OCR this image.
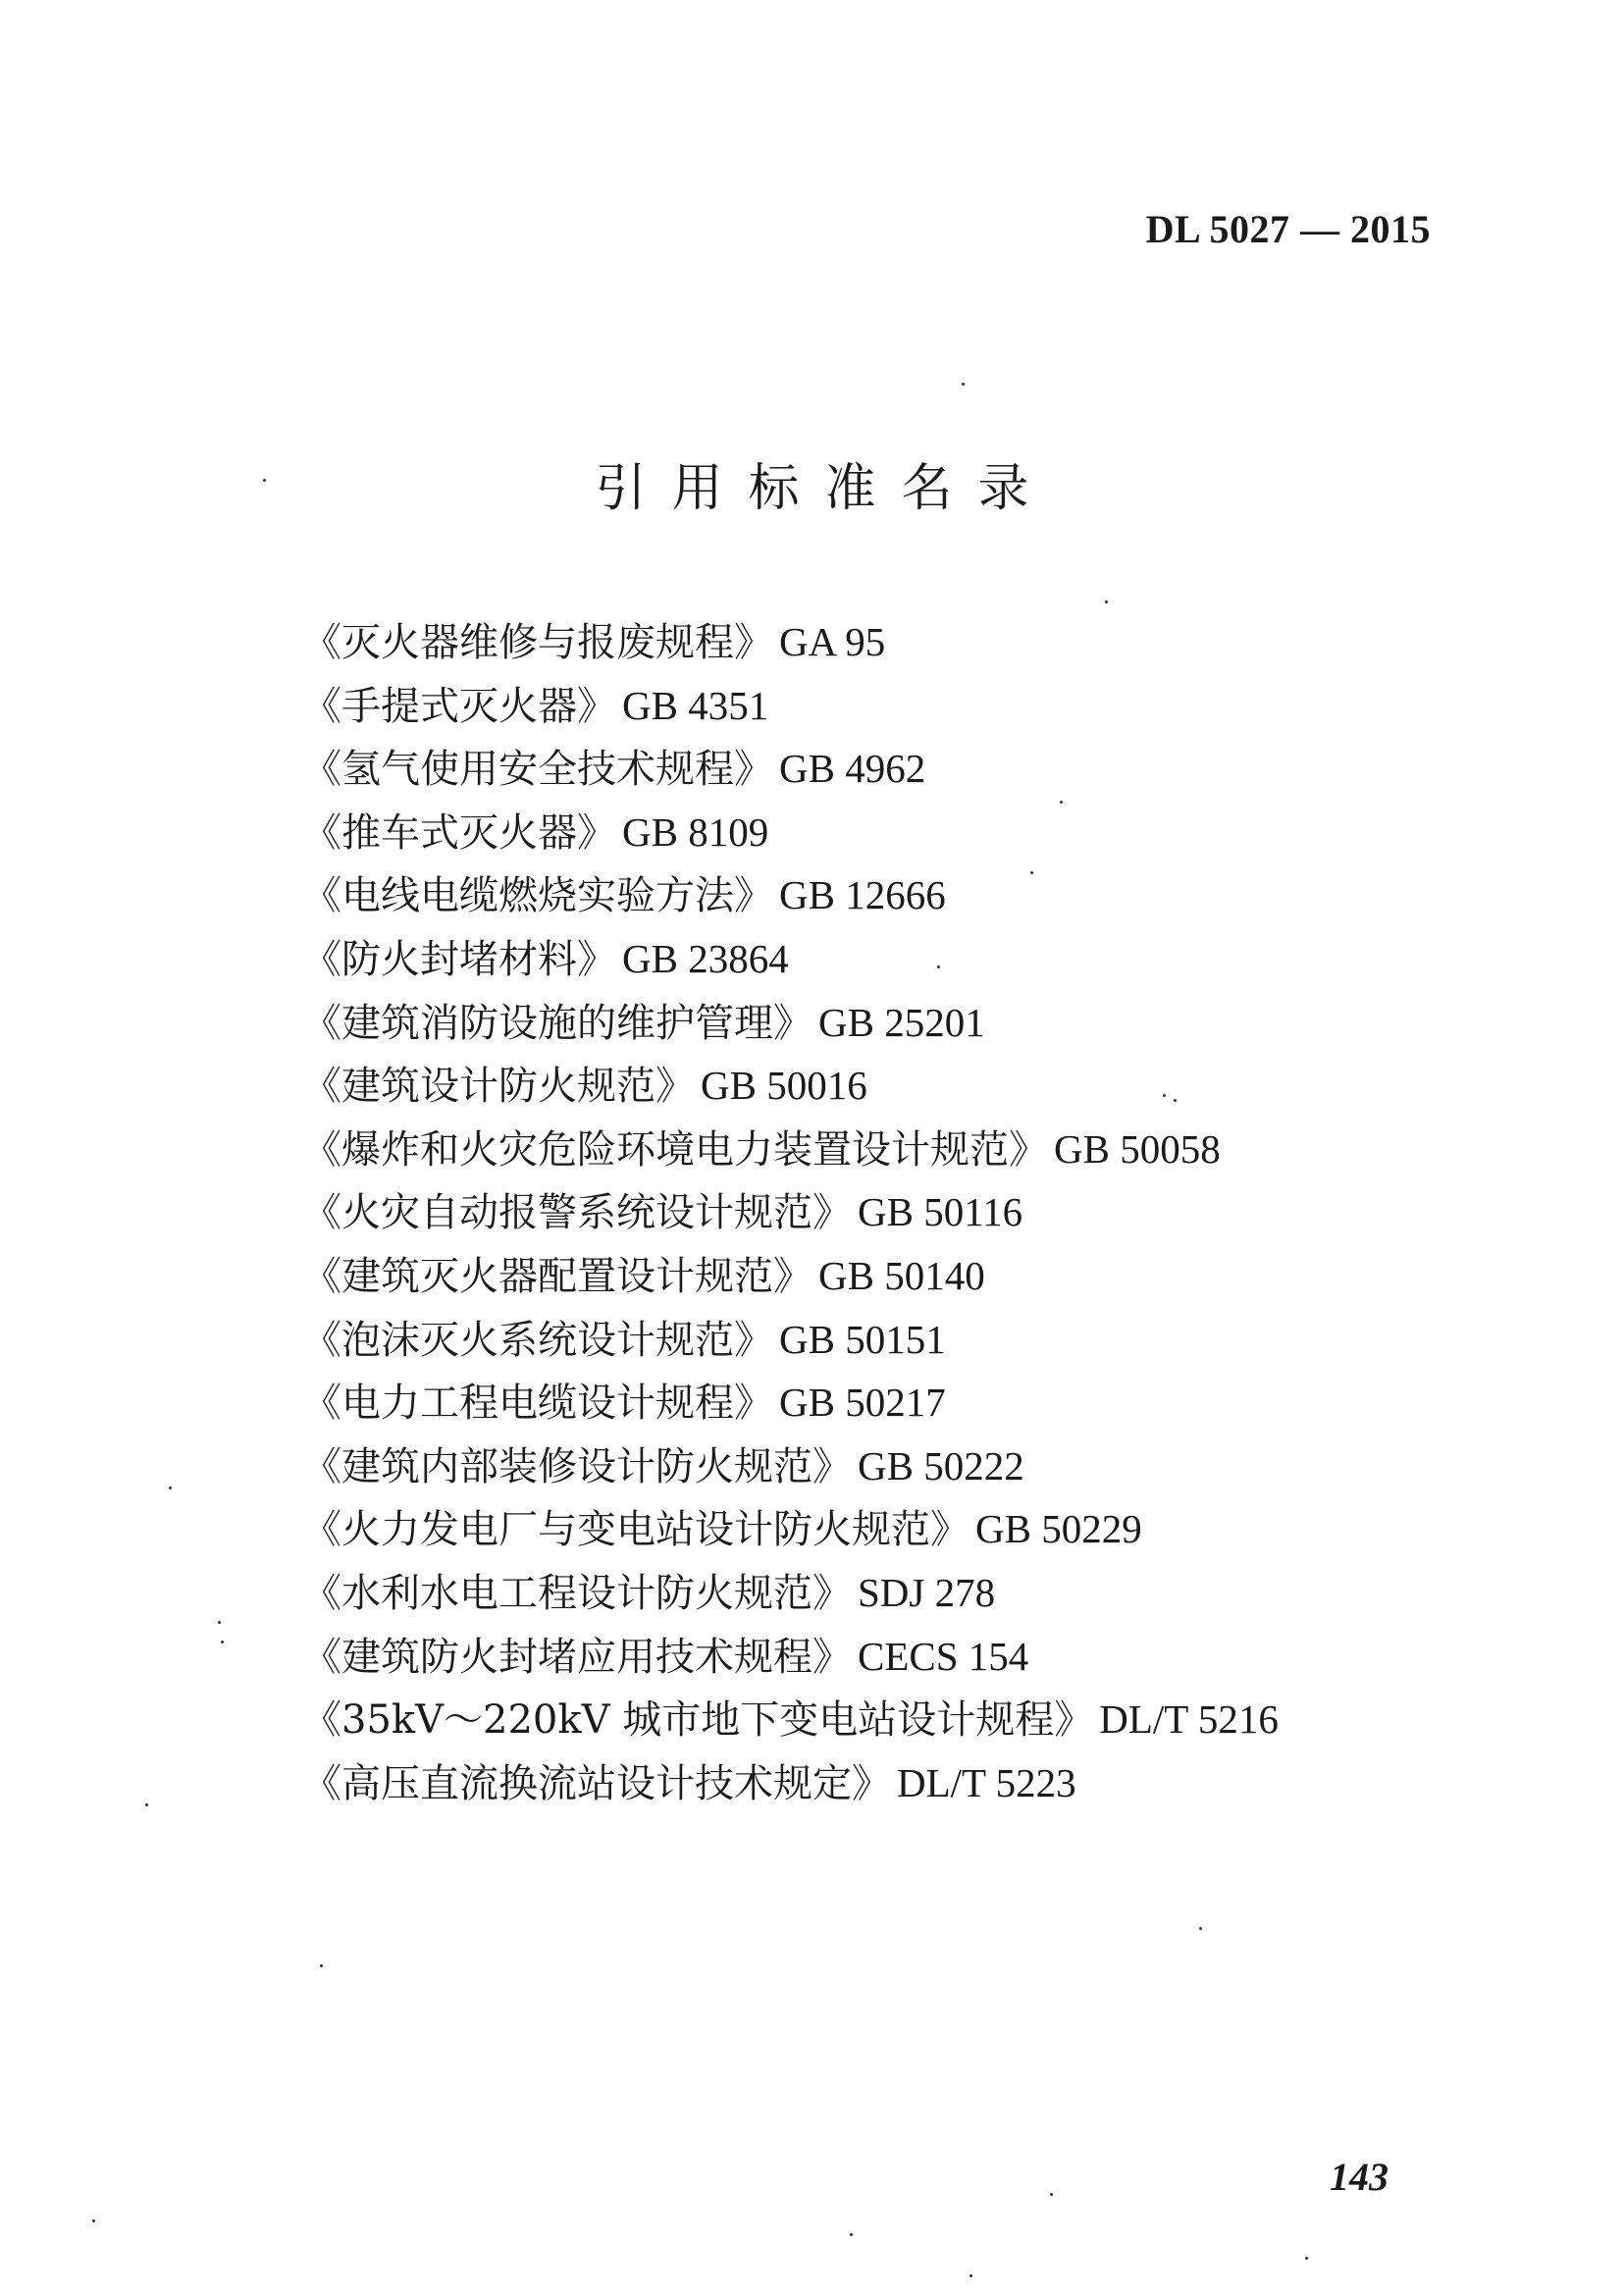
DL 5027 — 2015
引用标准名录
《灭火器维修与报废规程》 GA 95
《手提式灭火器》 GB 4351
《氢气使用安全技术规程》 GB 4962
《推车式灭火器》 GB 8109
《电线电缆燃烧实验方法》 GB 12666
《防火封堵材料》 GB 23864
《建筑消防设施的维护管理》 GB 25201
《建筑设计防火规范》 GB 50016
《爆炸和火灾危险环境电力装置设计规范》 GB 50058
《火灾自动报警系统设计规范》 GB 50116
《建筑灭火器配置设计规范》 GB 50140
《泡沫灭火系统设计规范》 GB 50151
《电力工程电缆设计规程》 GB 50217
《建筑内部装修设计防火规范》 GB 50222
《火力发电厂与变电站设计防火规范》 GB 50229
《水利水电工程设计防火规范》 SDJ 278
《建筑防火封堵应用技术规程》 CECS 154
《35kV～220kV 城市地下变电站设计规程》 DL/T 5216
《高压直流换流站设计技术规定》 DL/T 5223
143
